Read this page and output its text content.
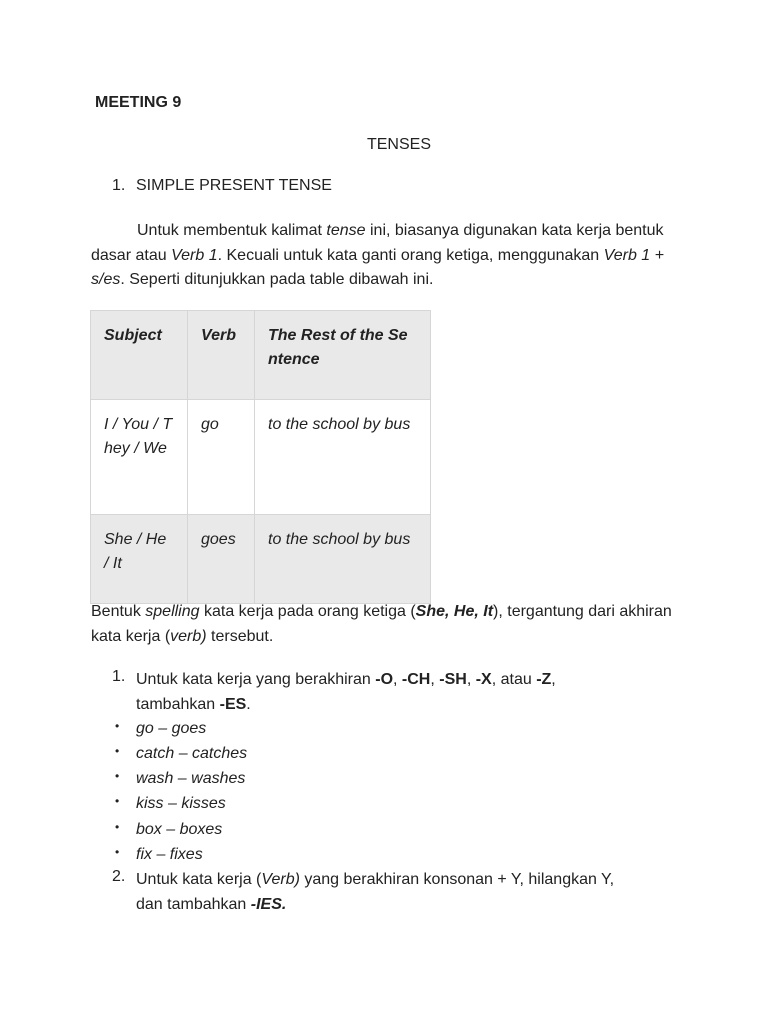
MEETING 9

TENSES

1. SIMPLE PRESENT TENSE

Untuk membentuk kalimat tense ini, biasanya digunakan kata kerja bentuk dasar atau Verb 1. Kecuali untuk kata ganti orang ketiga, menggunakan Verb 1 + s/es. Seperti ditunjukkan pada table dibawah ini.

Subject	Verb	The Rest of the Sentence
I / You / They / We	go	to the school by bus
She / He / It	goes	to the school by bus

Bentuk spelling kata kerja pada orang ketiga (She, He, It), tergantung dari akhiran kata kerja (verb) tersebut.

1. Untuk kata kerja yang berakhiran -O, -CH, -SH, -X, atau -Z,
tambahkan -ES.
• go – goes
• catch – catches
• wash – washes
• kiss – kisses
• box – boxes
• fix – fixes
2. Untuk kata kerja (Verb) yang berakhiran konsonan + Y, hilangkan Y,
dan tambahkan -IES.
